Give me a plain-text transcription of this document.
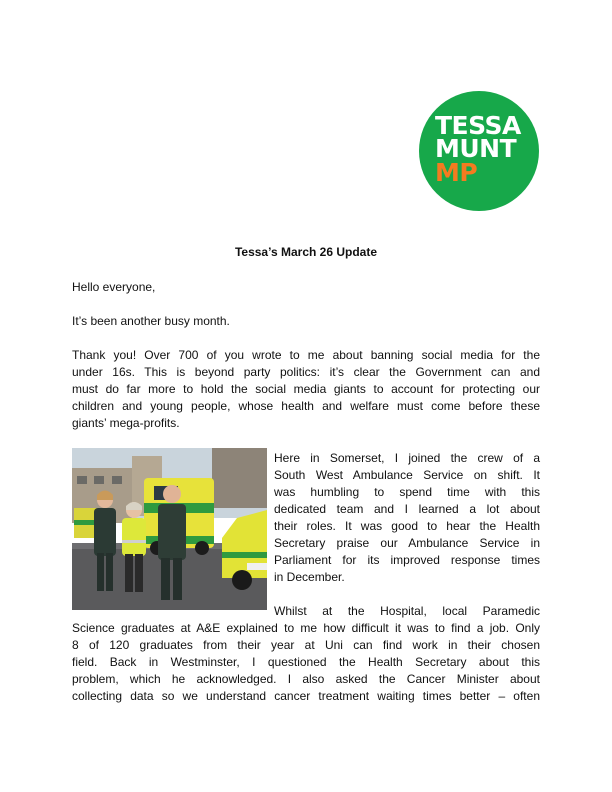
TESSA
MUNT
MP
Tessa’s March 26 Update
Hello everyone,
It’s been another busy month.
Thank you! Over 700 of you wrote to me about banning social media for the
under 16s. This is beyond party politics: it’s clear the Government can and
must do far more to hold the social media giants to account for protecting our
children and young people, whose health and welfare must come before these
giants’ mega-profits.
Here in Somerset, I joined the crew of a
South West Ambulance Service on shift. It
was humbling to spend time with this
dedicated team and I learned a lot about
their roles. It was good to hear the Health
Secretary praise our Ambulance Service in
Parliament for its improved response times
in December.
Whilst at the Hospital, local Paramedic
Science graduates at A&E explained to me how difficult it was to find a job. Only
8 of 120 graduates from their year at Uni can find work in their chosen
field. Back in Westminster, I questioned the Health Secretary about this
problem, which he acknowledged. I also asked the Cancer Minister about
collecting data so we understand cancer treatment waiting times better – often
